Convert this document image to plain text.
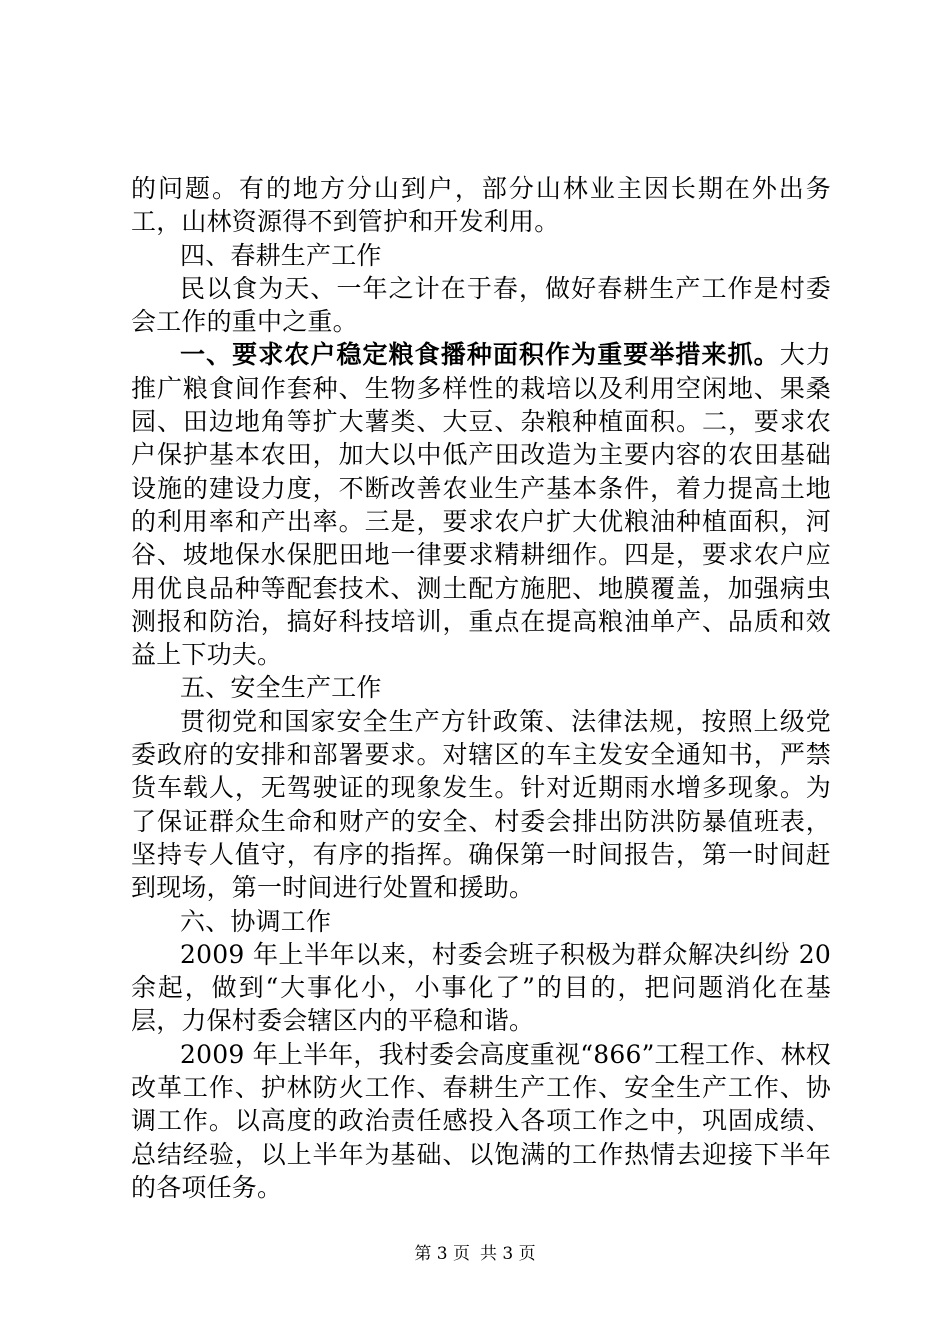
的问题。有的地方分山到户，部分山林业主因长期在外出务工，山林资源得不到管护和开发利用。

四、春耕生产工作

民以食为天、一年之计在于春，做好春耕生产工作是村委会工作的重中之重。

一、要求农户稳定粮食播种面积作为重要举措来抓。大力推广粮食间作套种、生物多样性的栽培以及利用空闲地、果桑园、田边地角等扩大薯类、大豆、杂粮种植面积。二，要求农户保护基本农田，加大以中低产田改造为主要内容的农田基础设施的建设力度，不断改善农业生产基本条件，着力提高土地的利用率和产出率。三是，要求农户扩大优粮油种植面积，河谷、坡地保水保肥田地一律要求精耕细作。四是，要求农户应用优良品种等配套技术、测土配方施肥、地膜覆盖，加强病虫测报和防治，搞好科技培训，重点在提高粮油单产、品质和效益上下功夫。

五、安全生产工作

贯彻党和国家安全生产方针政策、法律法规，按照上级党委政府的安排和部署要求。对辖区的车主发安全通知书，严禁货车载人，无驾驶证的现象发生。针对近期雨水增多现象。为了保证群众生命和财产的安全、村委会排出防洪防暴值班表，坚持专人值守，有序的指挥。确保第一时间报告，第一时间赶到现场，第一时间进行处置和援助。

六、协调工作

2009 年上半年以来，村委会班子积极为群众解决纠纷 20 余起，做到“大事化小，小事化了”的目的，把问题消化在基层，力保村委会辖区内的平稳和谐。

2009 年上半年，我村委会高度重视“866”工程工作、林权改革工作、护林防火工作、春耕生产工作、安全生产工作、协调工作。以高度的政治责任感投入各项工作之中，巩固成绩、总结经验，以上半年为基础、以饱满的工作热情去迎接下半年的各项任务。

第 3 页 共 3 页
